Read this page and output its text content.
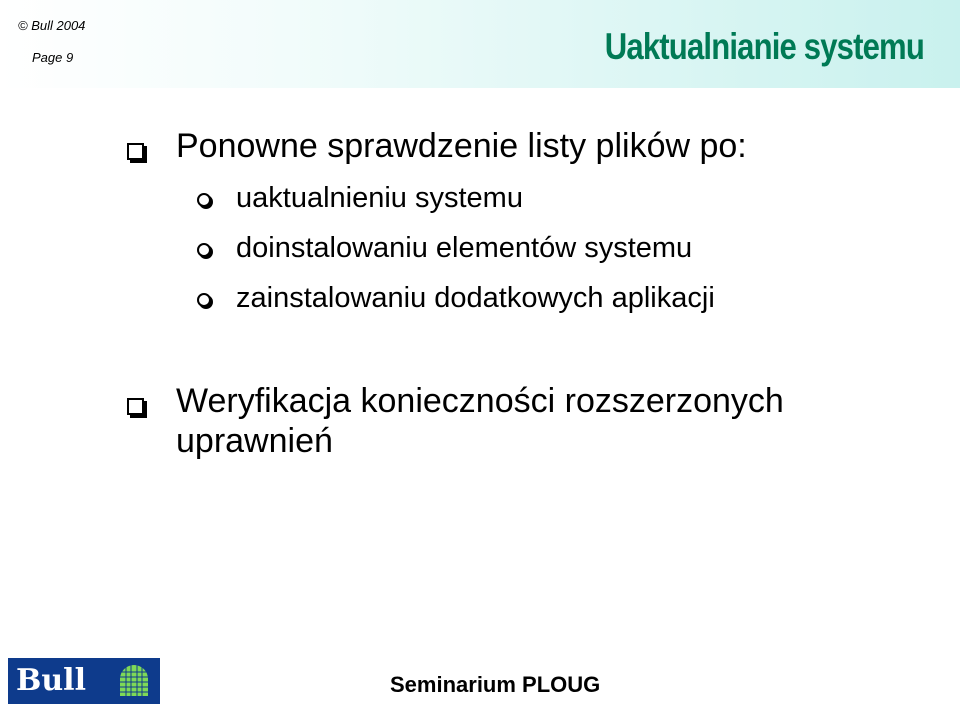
© Bull 2004
Page 9	Uaktualnianie systemu
Ponowne sprawdzenie listy plików po:
uaktualnieniu systemu
doinstalowaniu elementów systemu
zainstalowaniu dodatkowych aplikacji
Weryfikacja konieczności rozszerzonych
uprawnień
Bull	Seminarium PLOUG
